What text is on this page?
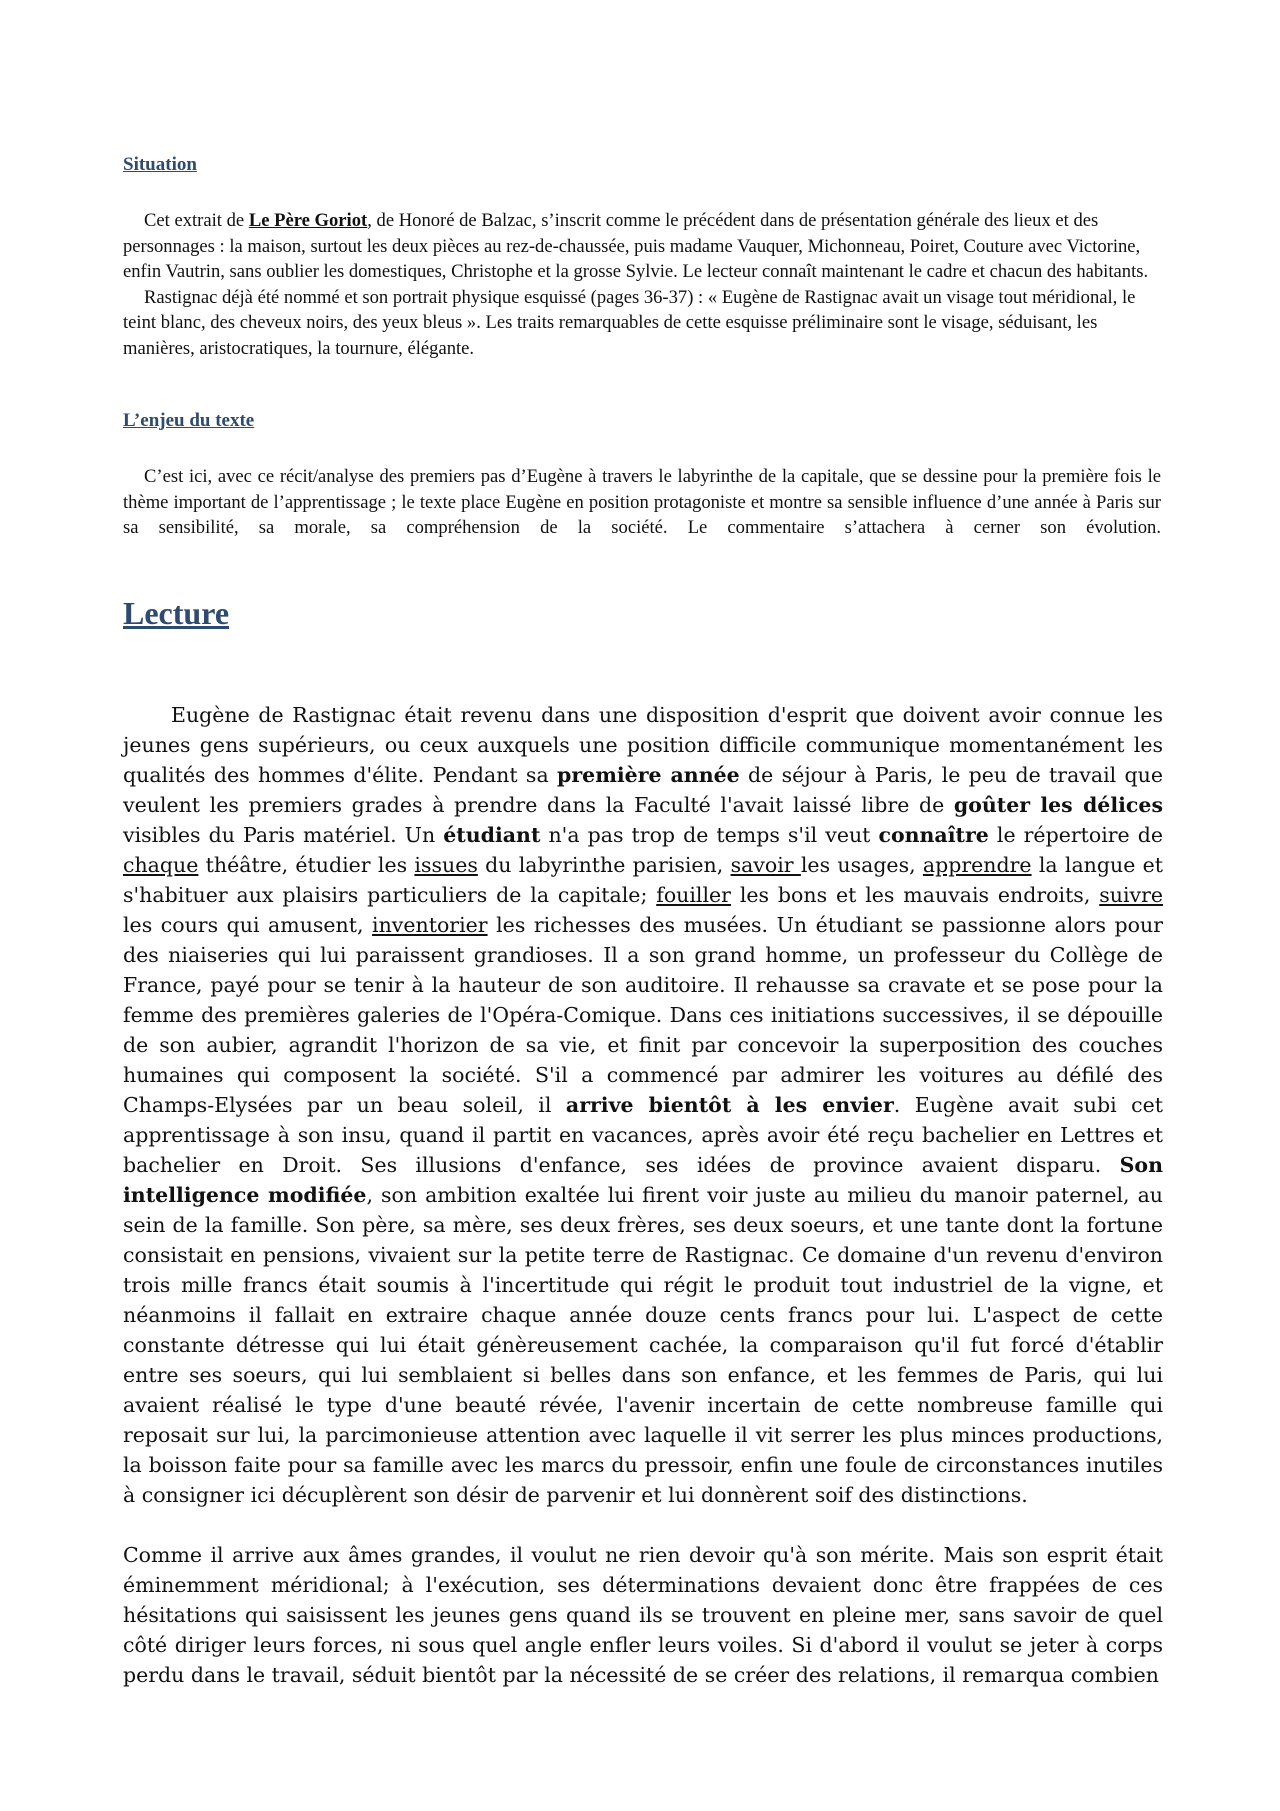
Situation

Cet extrait de Le Père Goriot, de Honoré de Balzac, s’inscrit comme le précédent dans de présentation générale des lieux et des personnages : la maison, surtout les deux pièces au rez-de-chaussée, puis madame Vauquer, Michonneau, Poiret, Couture avec Victorine, enfin Vautrin, sans oublier les domestiques, Christophe et la grosse Sylvie. Le lecteur connaît maintenant le cadre et chacun des habitants.

Rastignac déjà été nommé et son portrait physique esquissé (pages 36-37) : « Eugène de Rastignac avait un visage tout méridional, le teint blanc, des cheveux noirs, des yeux bleus ». Les traits remarquables de cette esquisse préliminaire sont le visage, séduisant, les manières, aristocratiques, la tournure, élégante.

L’enjeu du texte

C’est ici, avec ce récit/analyse des premiers pas d’Eugène à travers le labyrinthe de la capitale, que se dessine pour la première fois le thème important de l’apprentissage ; le texte place Eugène en position protagoniste et montre sa sensible influence d’une année à Paris sur sa sensibilité, sa morale, sa compréhension de la société. Le commentaire s’attachera à cerner son évolution.

Lecture

Eugène de Rastignac était revenu dans une disposition d'esprit que doivent avoir connue les jeunes gens supérieurs, ou ceux auxquels une position difficile communique momentanément les qualités des hommes d'élite. Pendant sa première année de séjour à Paris, le peu de travail que veulent les premiers grades à prendre dans la Faculté l'avait laissé libre de goûter les délices visibles du Paris matériel. Un étudiant n'a pas trop de temps s'il veut connaître le répertoire de chaque théâtre, étudier les issues du labyrinthe parisien, savoir les usages, apprendre la langue et s'habituer aux plaisirs particuliers de la capitale; fouiller les bons et les mauvais endroits, suivre les cours qui amusent, inventorier les richesses des musées. Un étudiant se passionne alors pour des niaiseries qui lui paraissent grandioses. Il a son grand homme, un professeur du Collège de France, payé pour se tenir à la hauteur de son auditoire. Il rehausse sa cravate et se pose pour la femme des premières galeries de l'Opéra-Comique. Dans ces initiations successives, il se dépouille de son aubier, agrandit l'horizon de sa vie, et finit par concevoir la superposition des couches humaines qui composent la société. S'il a commencé par admirer les voitures au défilé des Champs-Elysées par un beau soleil, il arrive bientôt à les envier. Eugène avait subi cet apprentissage à son insu, quand il partit en vacances, après avoir été reçu bachelier en Lettres et bachelier en Droit. Ses illusions d'enfance, ses idées de province avaient disparu. Son intelligence modifiée, son ambition exaltée lui firent voir juste au milieu du manoir paternel, au sein de la famille. Son père, sa mère, ses deux frères, ses deux soeurs, et une tante dont la fortune consistait en pensions, vivaient sur la petite terre de Rastignac. Ce domaine d'un revenu d'environ trois mille francs était soumis à l'incertitude qui régit le produit tout industriel de la vigne, et néanmoins il fallait en extraire chaque année douze cents francs pour lui. L'aspect de cette constante détresse qui lui était génèreusement cachée, la comparaison qu'il fut forcé d'établir entre ses soeurs, qui lui semblaient si belles dans son enfance, et les femmes de Paris, qui lui avaient réalisé le type d'une beauté révée, l'avenir incertain de cette nombreuse famille qui reposait sur lui, la parcimonieuse attention avec laquelle il vit serrer les plus minces productions, la boisson faite pour sa famille avec les marcs du pressoir, enfin une foule de circonstances inutiles à consigner ici décuplèrent son désir de parvenir et lui donnèrent soif des distinctions.

Comme il arrive aux âmes grandes, il voulut ne rien devoir qu'à son mérite. Mais son esprit était éminemment méridional; à l'exécution, ses déterminations devaient donc être frappées de ces hésitations qui saisissent les jeunes gens quand ils se trouvent en pleine mer, sans savoir de quel côté diriger leurs forces, ni sous quel angle enfler leurs voiles. Si d'abord il voulut se jeter à corps perdu dans le travail, séduit bientôt par la nécessité de se créer des relations, il remarqua combien
